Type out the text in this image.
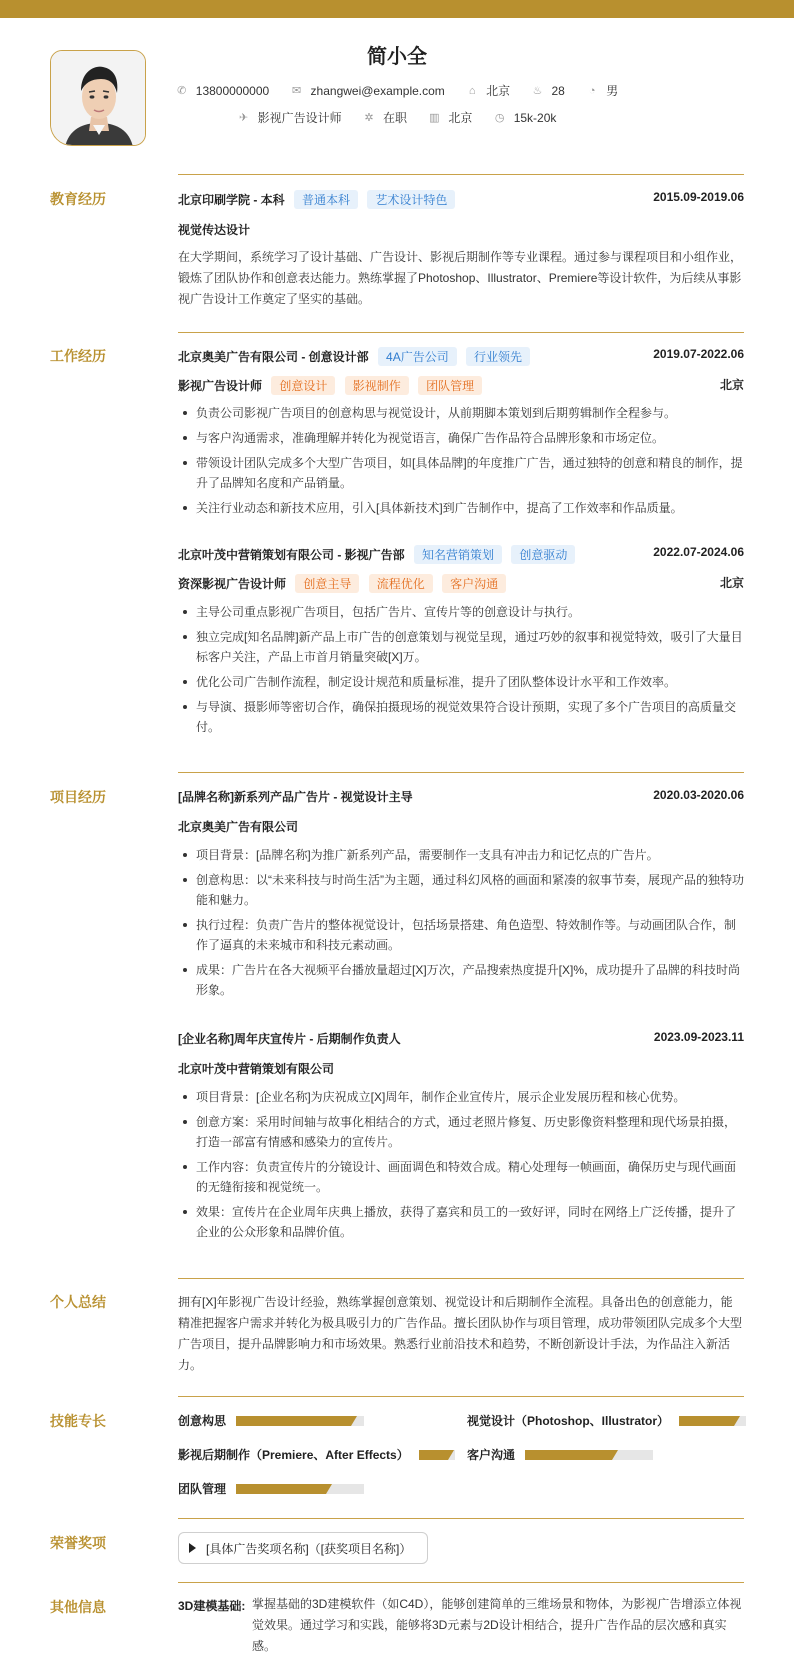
简小全
✆ 13800000000
✉ zhangwei@example.com
⌂ 北京
♨ 28
◔ 男
✈ 影视广告设计师
✲ 在职
▥ 北京
◷ 15k-20k
教育经历	北京印刷学院 - 本科 普通本科 艺术设计特色	2015.09-2019.06
视觉传达设计
在大学期间，系统学习了设计基础、广告设计、影视后期制作等专业课程。通过参与课程项目和小组作业，锻炼了团队协作和创意表达能力。熟练掌握了Photoshop、Illustrator、Premiere等设计软件，为后续从事影视广告设计工作奠定了坚实的基础。
工作经历	北京奥美广告有限公司 - 创意设计部 4A广告公司 行业领先	2019.07-2022.06
影视广告设计师 创意设计 影视制作 团队管理	北京
负责公司影视广告项目的创意构思与视觉设计，从前期脚本策划到后期剪辑制作全程参与。
与客户沟通需求，准确理解并转化为视觉语言，确保广告作品符合品牌形象和市场定位。
带领设计团队完成多个大型广告项目，如[具体品牌]的年度推广广告，通过独特的创意和精良的制作，提升了品牌知名度和产品销量。
关注行业动态和新技术应用，引入[具体新技术]到广告制作中，提高了工作效率和作品质量。
北京叶茂中营销策划有限公司 - 影视广告部 知名营销策划 创意驱动	2022.07-2024.06
资深影视广告设计师 创意主导 流程优化 客户沟通	北京
主导公司重点影视广告项目，包括广告片、宣传片等的创意设计与执行。
独立完成[知名品牌]新产品上市广告的创意策划与视觉呈现，通过巧妙的叙事和视觉特效，吸引了大量目标客户关注，产品上市首月销量突破[X]万。
优化公司广告制作流程，制定设计规范和质量标准，提升了团队整体设计水平和工作效率。
与导演、摄影师等密切合作，确保拍摄现场的视觉效果符合设计预期，实现了多个广告项目的高质量交付。
项目经历	[品牌名称]新系列产品广告片 - 视觉设计主导	2020.03-2020.06
北京奥美广告有限公司
项目背景：[品牌名称]为推广新系列产品，需要制作一支具有冲击力和记忆点的广告片。
创意构思：以“未来科技与时尚生活”为主题，通过科幻风格的画面和紧凑的叙事节奏，展现产品的独特功能和魅力。
执行过程：负责广告片的整体视觉设计，包括场景搭建、角色造型、特效制作等。与动画团队合作，制作了逼真的未来城市和科技元素动画。
成果：广告片在各大视频平台播放量超过[X]万次，产品搜索热度提升[X]%，成功提升了品牌的科技时尚形象。
[企业名称]周年庆宣传片 - 后期制作负责人	2023.09-2023.11
北京叶茂中营销策划有限公司
项目背景：[企业名称]为庆祝成立[X]周年，制作企业宣传片，展示企业发展历程和核心优势。
创意方案：采用时间轴与故事化相结合的方式，通过老照片修复、历史影像资料整理和现代场景拍摄，打造一部富有情感和感染力的宣传片。
工作内容：负责宣传片的分镜设计、画面调色和特效合成。精心处理每一帧画面，确保历史与现代画面的无缝衔接和视觉统一。
效果：宣传片在企业周年庆典上播放，获得了嘉宾和员工的一致好评，同时在网络上广泛传播，提升了企业的公众形象和品牌价值。
个人总结	拥有[X]年影视广告设计经验，熟练掌握创意策划、视觉设计和后期制作全流程。具备出色的创意能力，能精准把握客户需求并转化为极具吸引力的广告作品。擅长团队协作与项目管理，成功带领团队完成多个大型广告项目，提升品牌影响力和市场效果。熟悉行业前沿技术和趋势，不断创新设计手法，为作品注入新活力。
技能专长	创意构思	视觉设计（Photoshop、Illustrator）
影视后期制作（Premiere、After Effects）	客户沟通
团队管理
荣誉奖项	[具体广告奖项名称]（[获奖项目名称]）
其他信息	3D建模基础: 掌握基础的3D建模软件（如C4D），能够创建简单的三维场景和物体，为影视广告增添立体视觉效果。通过学习和实践，能够将3D元素与2D设计相结合，提升广告作品的层次感和真实感。
